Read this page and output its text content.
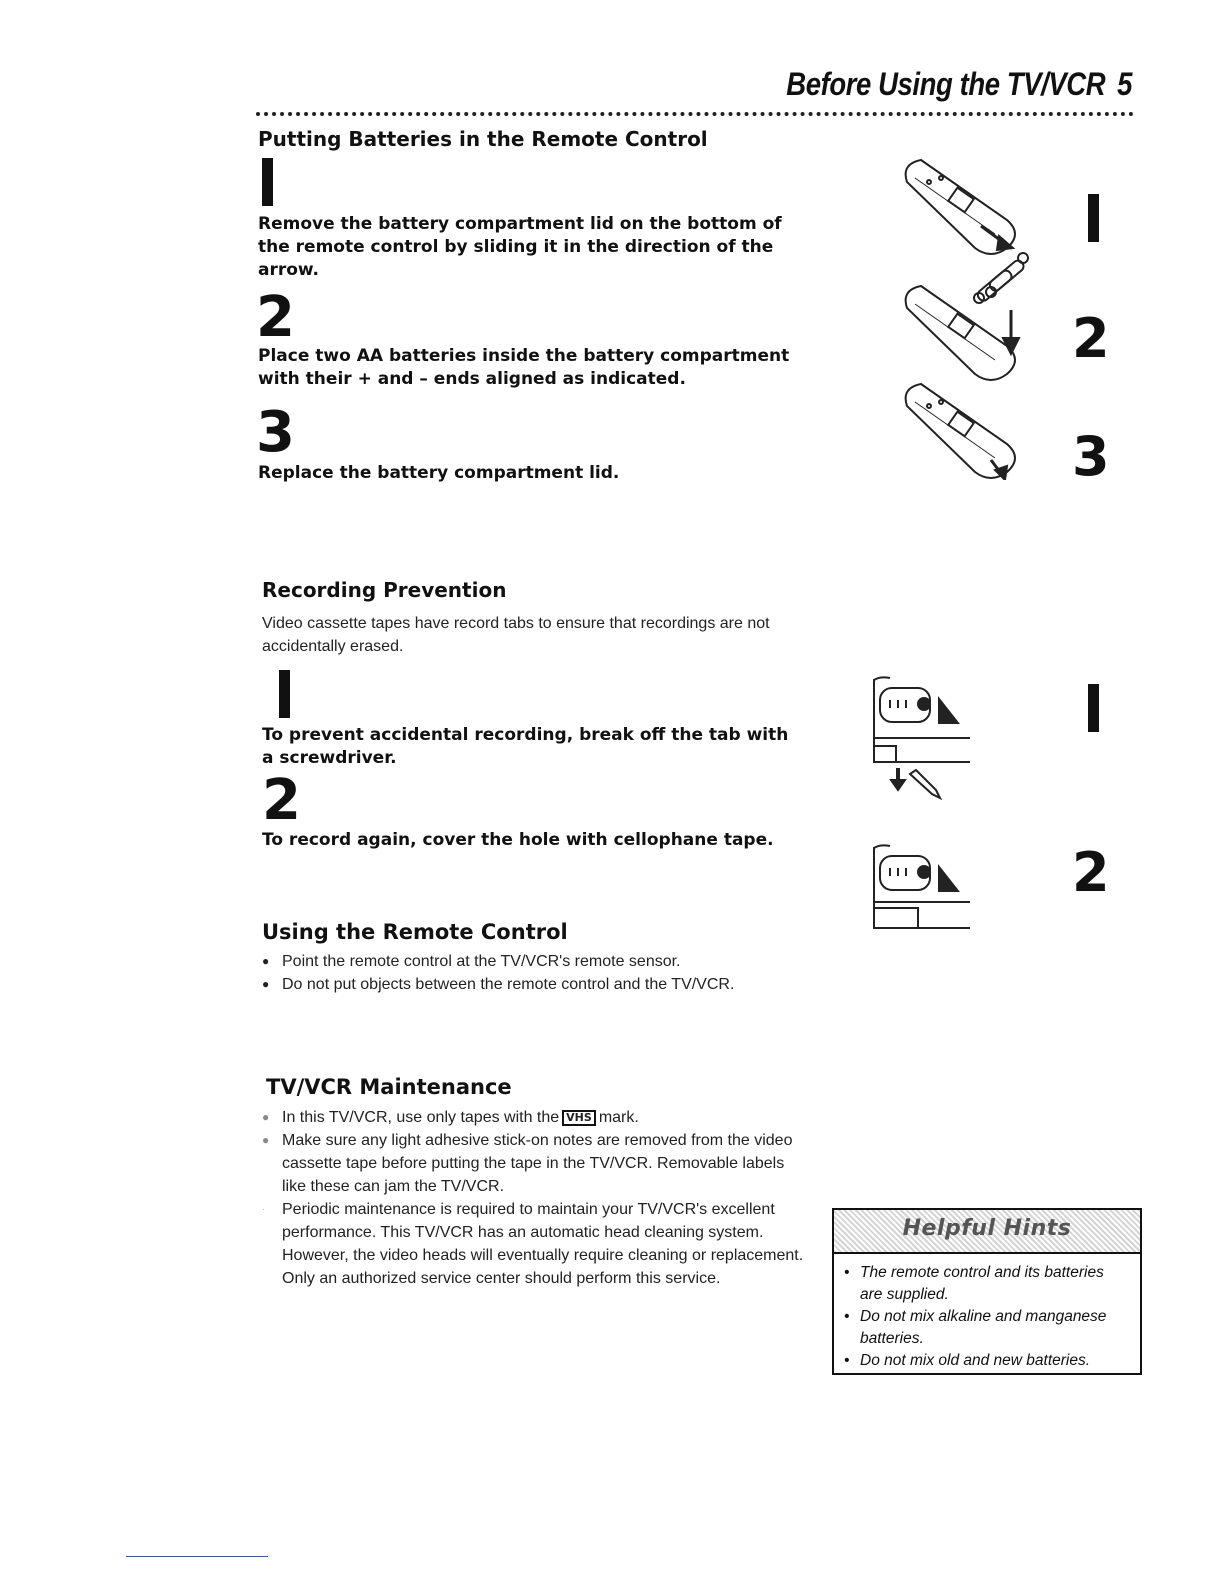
Before Using the TV/VCR 5
Putting Batteries in the Remote Control
Remove the battery compartment lid on the bottom of the remote control by sliding it in the direction of the arrow.
2
Place two AA batteries inside the battery compartment with their + and – ends aligned as indicated.
3
Replace the battery compartment lid.
2
3
Recording Prevention
Video cassette tapes have record tabs to ensure that recordings are not accidentally erased.
To prevent accidental recording, break off the tab with a screwdriver.
2
To record again, cover the hole with cellophane tape.
2
Using the Remote Control
● Point the remote control at the TV/VCR's remote sensor.
● Do not put objects between the remote control and the TV/VCR.
TV/VCR Maintenance
● In this TV/VCR, use only tapes with the VHS mark.
● Make sure any light adhesive stick-on notes are removed from the video cassette tape before putting the tape in the TV/VCR. Removable labels like these can jam the TV/VCR.
· Periodic maintenance is required to maintain your TV/VCR's excellent performance. This TV/VCR has an automatic head cleaning system. However, the video heads will eventually require cleaning or replacement. Only an authorized service center should perform this service.
Helpful Hints
• The remote control and its batteries are supplied.
• Do not mix alkaline and manganese batteries.
• Do not mix old and new batteries.
